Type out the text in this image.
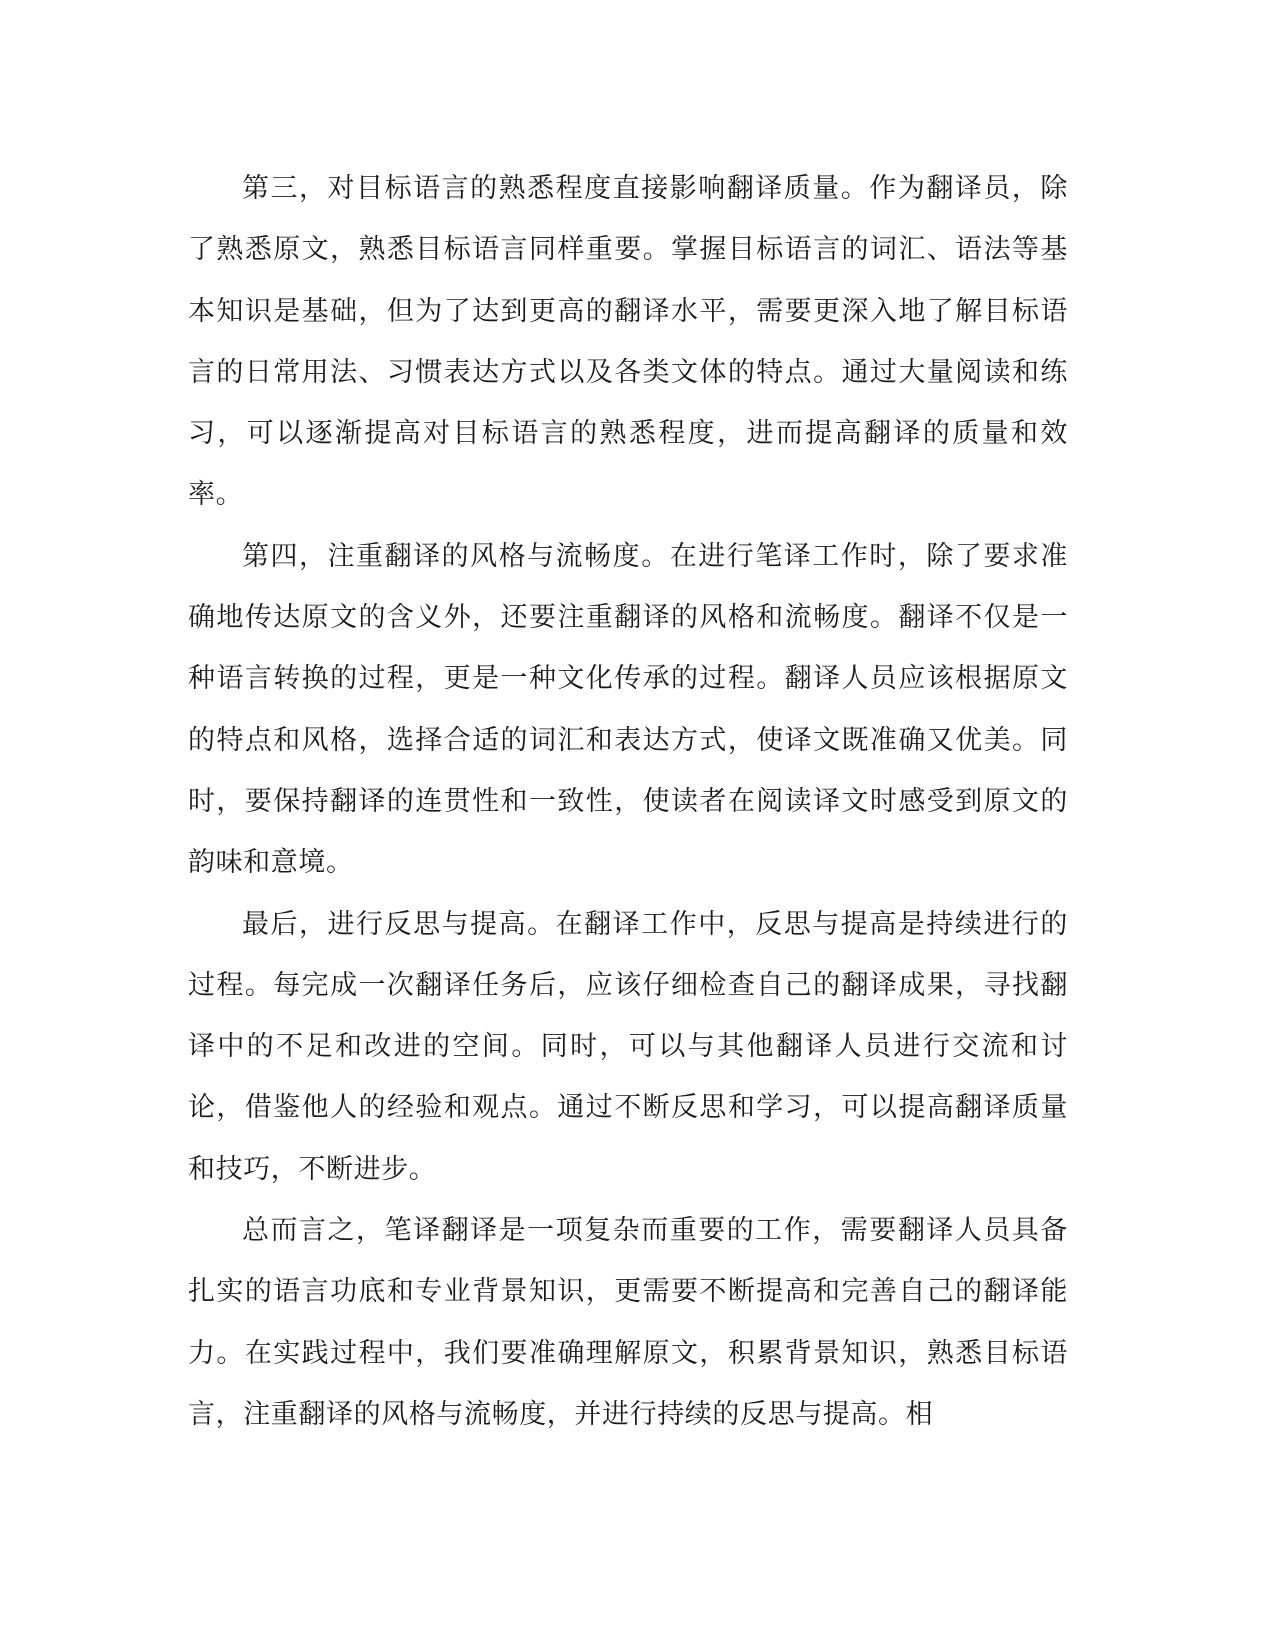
第三，对目标语言的熟悉程度直接影响翻译质量。作为翻译员，除了熟悉原文，熟悉目标语言同样重要。掌握目标语言的词汇、语法等基本知识是基础，但为了达到更高的翻译水平，需要更深入地了解目标语言的日常用法、习惯表达方式以及各类文体的特点。通过大量阅读和练习，可以逐渐提高对目标语言的熟悉程度，进而提高翻译的质量和效率。

第四，注重翻译的风格与流畅度。在进行笔译工作时，除了要求准确地传达原文的含义外，还要注重翻译的风格和流畅度。翻译不仅是一种语言转换的过程，更是一种文化传承的过程。翻译人员应该根据原文的特点和风格，选择合适的词汇和表达方式，使译文既准确又优美。同时，要保持翻译的连贯性和一致性，使读者在阅读译文时感受到原文的韵味和意境。

最后，进行反思与提高。在翻译工作中，反思与提高是持续进行的过程。每完成一次翻译任务后，应该仔细检查自己的翻译成果，寻找翻译中的不足和改进的空间。同时，可以与其他翻译人员进行交流和讨论，借鉴他人的经验和观点。通过不断反思和学习，可以提高翻译质量和技巧，不断进步。

总而言之，笔译翻译是一项复杂而重要的工作，需要翻译人员具备扎实的语言功底和专业背景知识，更需要不断提高和完善自己的翻译能力。在实践过程中，我们要准确理解原文，积累背景知识，熟悉目标语言，注重翻译的风格与流畅度，并进行持续的反思与提高。相
